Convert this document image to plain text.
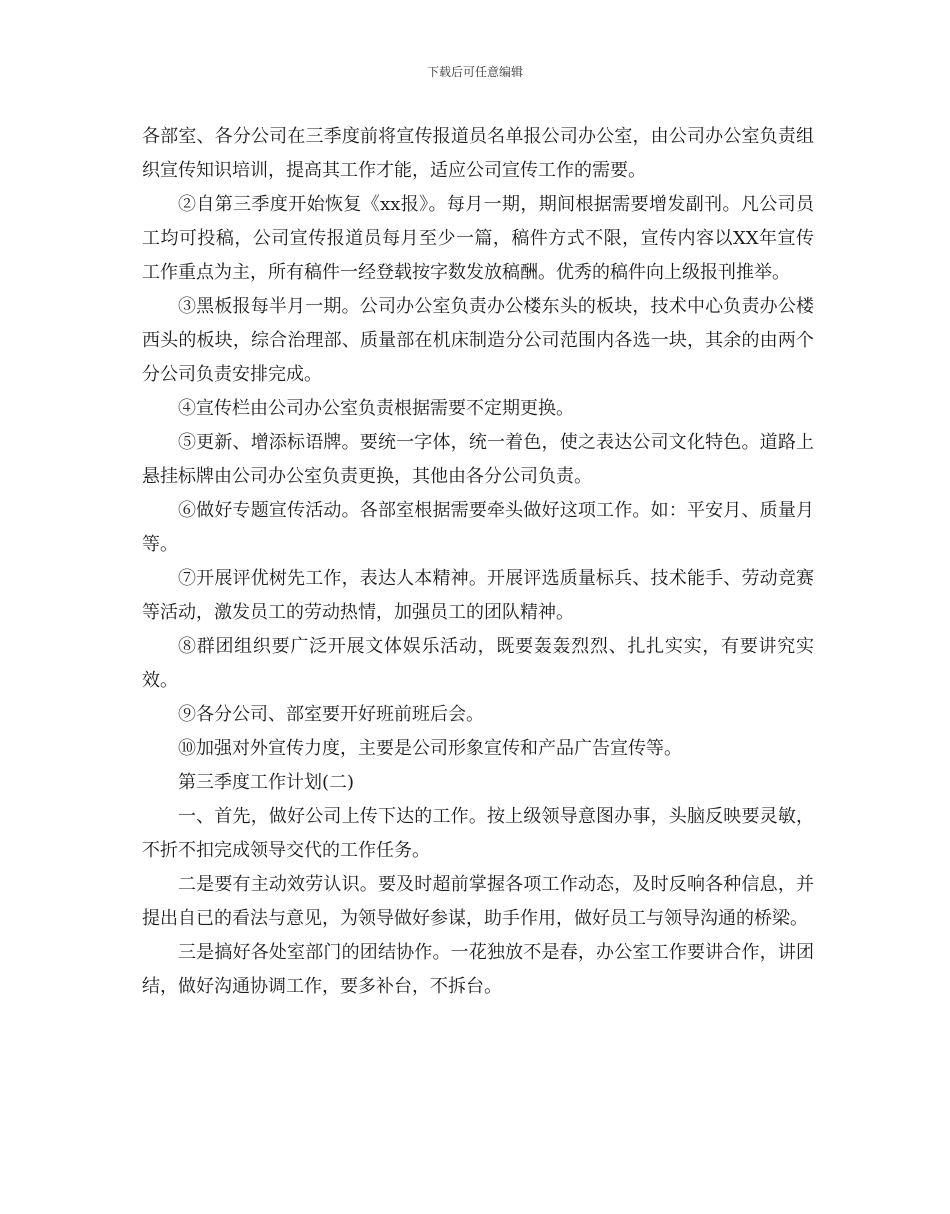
下载后可任意编辑

各部室、各分公司在三季度前将宣传报道员名单报公司办公室，由公司办公室负责组织宣传知识培训，提高其工作才能，适应公司宣传工作的需要。

②自第三季度开始恢复《xx报》。每月一期，期间根据需要增发副刊。凡公司员工均可投稿，公司宣传报道员每月至少一篇，稿件方式不限，宣传内容以XX年宣传工作重点为主，所有稿件一经登载按字数发放稿酬。优秀的稿件向上级报刊推举。

③黑板报每半月一期。公司办公室负责办公楼东头的板块，技术中心负责办公楼西头的板块，综合治理部、质量部在机床制造分公司范围内各选一块，其余的由两个分公司负责安排完成。

④宣传栏由公司办公室负责根据需要不定期更换。

⑤更新、增添标语牌。要统一字体，统一着色，使之表达公司文化特色。道路上悬挂标牌由公司办公室负责更换，其他由各分公司负责。

⑥做好专题宣传活动。各部室根据需要牵头做好这项工作。如：平安月、质量月等。

⑦开展评优树先工作，表达人本精神。开展评选质量标兵、技术能手、劳动竞赛等活动，激发员工的劳动热情，加强员工的团队精神。

⑧群团组织要广泛开展文体娱乐活动，既要轰轰烈烈、扎扎实实，有要讲究实效。

⑨各分公司、部室要开好班前班后会。

⑩加强对外宣传力度，主要是公司形象宣传和产品广告宣传等。

第三季度工作计划(二)

一、首先，做好公司上传下达的工作。按上级领导意图办事，头脑反映要灵敏，不折不扣完成领导交代的工作任务。

二是要有主动效劳认识。要及时超前掌握各项工作动态，及时反响各种信息，并提出自已的看法与意见，为领导做好参谋，助手作用，做好员工与领导沟通的桥梁。

三是搞好各处室部门的团结协作。一花独放不是春，办公室工作要讲合作，讲团结，做好沟通协调工作，要多补台，不拆台。
